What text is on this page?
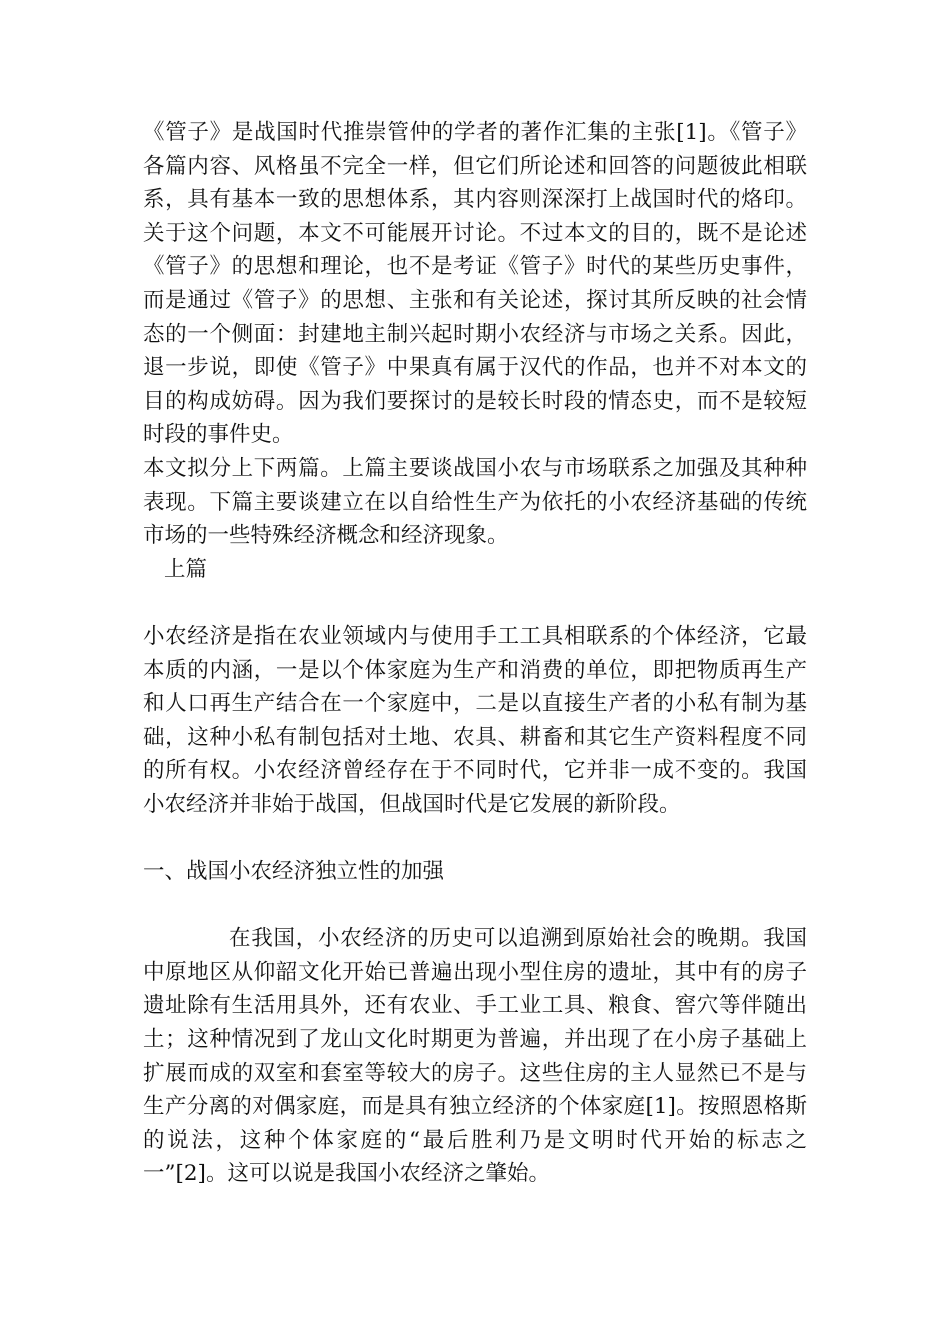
《管子》是战国时代推崇管仲的学者的著作汇集的主张[1]。《管子》各篇内容、风格虽不完全一样，但它们所论述和回答的问题彼此相联系，具有基本一致的思想体系，其内容则深深打上战国时代的烙印。关于这个问题，本文不可能展开讨论。不过本文的目的，既不是论述《管子》的思想和理论，也不是考证《管子》时代的某些历史事件，而是通过《管子》的思想、主张和有关论述，探讨其所反映的社会情态的一个侧面：封建地主制兴起时期小农经济与市场之关系。因此，退一步说，即使《管子》中果真有属于汉代的作品，也并不对本文的目的构成妨碍。因为我们要探讨的是较长时段的情态史，而不是较短时段的事件史。

本文拟分上下两篇。上篇主要谈战国小农与市场联系之加强及其种种表现。下篇主要谈建立在以自给性生产为依托的小农经济基础的传统市场的一些特殊经济概念和经济现象。

上篇

小农经济是指在农业领域内与使用手工工具相联系的个体经济，它最本质的内涵，一是以个体家庭为生产和消费的单位，即把物质再生产和人口再生产结合在一个家庭中，二是以直接生产者的小私有制为基础，这种小私有制包括对土地、农具、耕畜和其它生产资料程度不同的所有权。小农经济曾经存在于不同时代，它并非一成不变的。我国小农经济并非始于战国，但战国时代是它发展的新阶段。

一、战国小农经济独立性的加强

在我国，小农经济的历史可以追溯到原始社会的晚期。我国中原地区从仰韶文化开始已普遍出现小型住房的遗址，其中有的房子遗址除有生活用具外，还有农业、手工业工具、粮食、窖穴等伴随出土；这种情况到了龙山文化时期更为普遍，并出现了在小房子基础上扩展而成的双室和套室等较大的房子。这些住房的主人显然已不是与生产分离的对偶家庭，而是具有独立经济的个体家庭[1]。按照恩格斯的说法，这种个体家庭的“最后胜利乃是文明时代开始的标志之一”[2]。这可以说是我国小农经济之肇始。
